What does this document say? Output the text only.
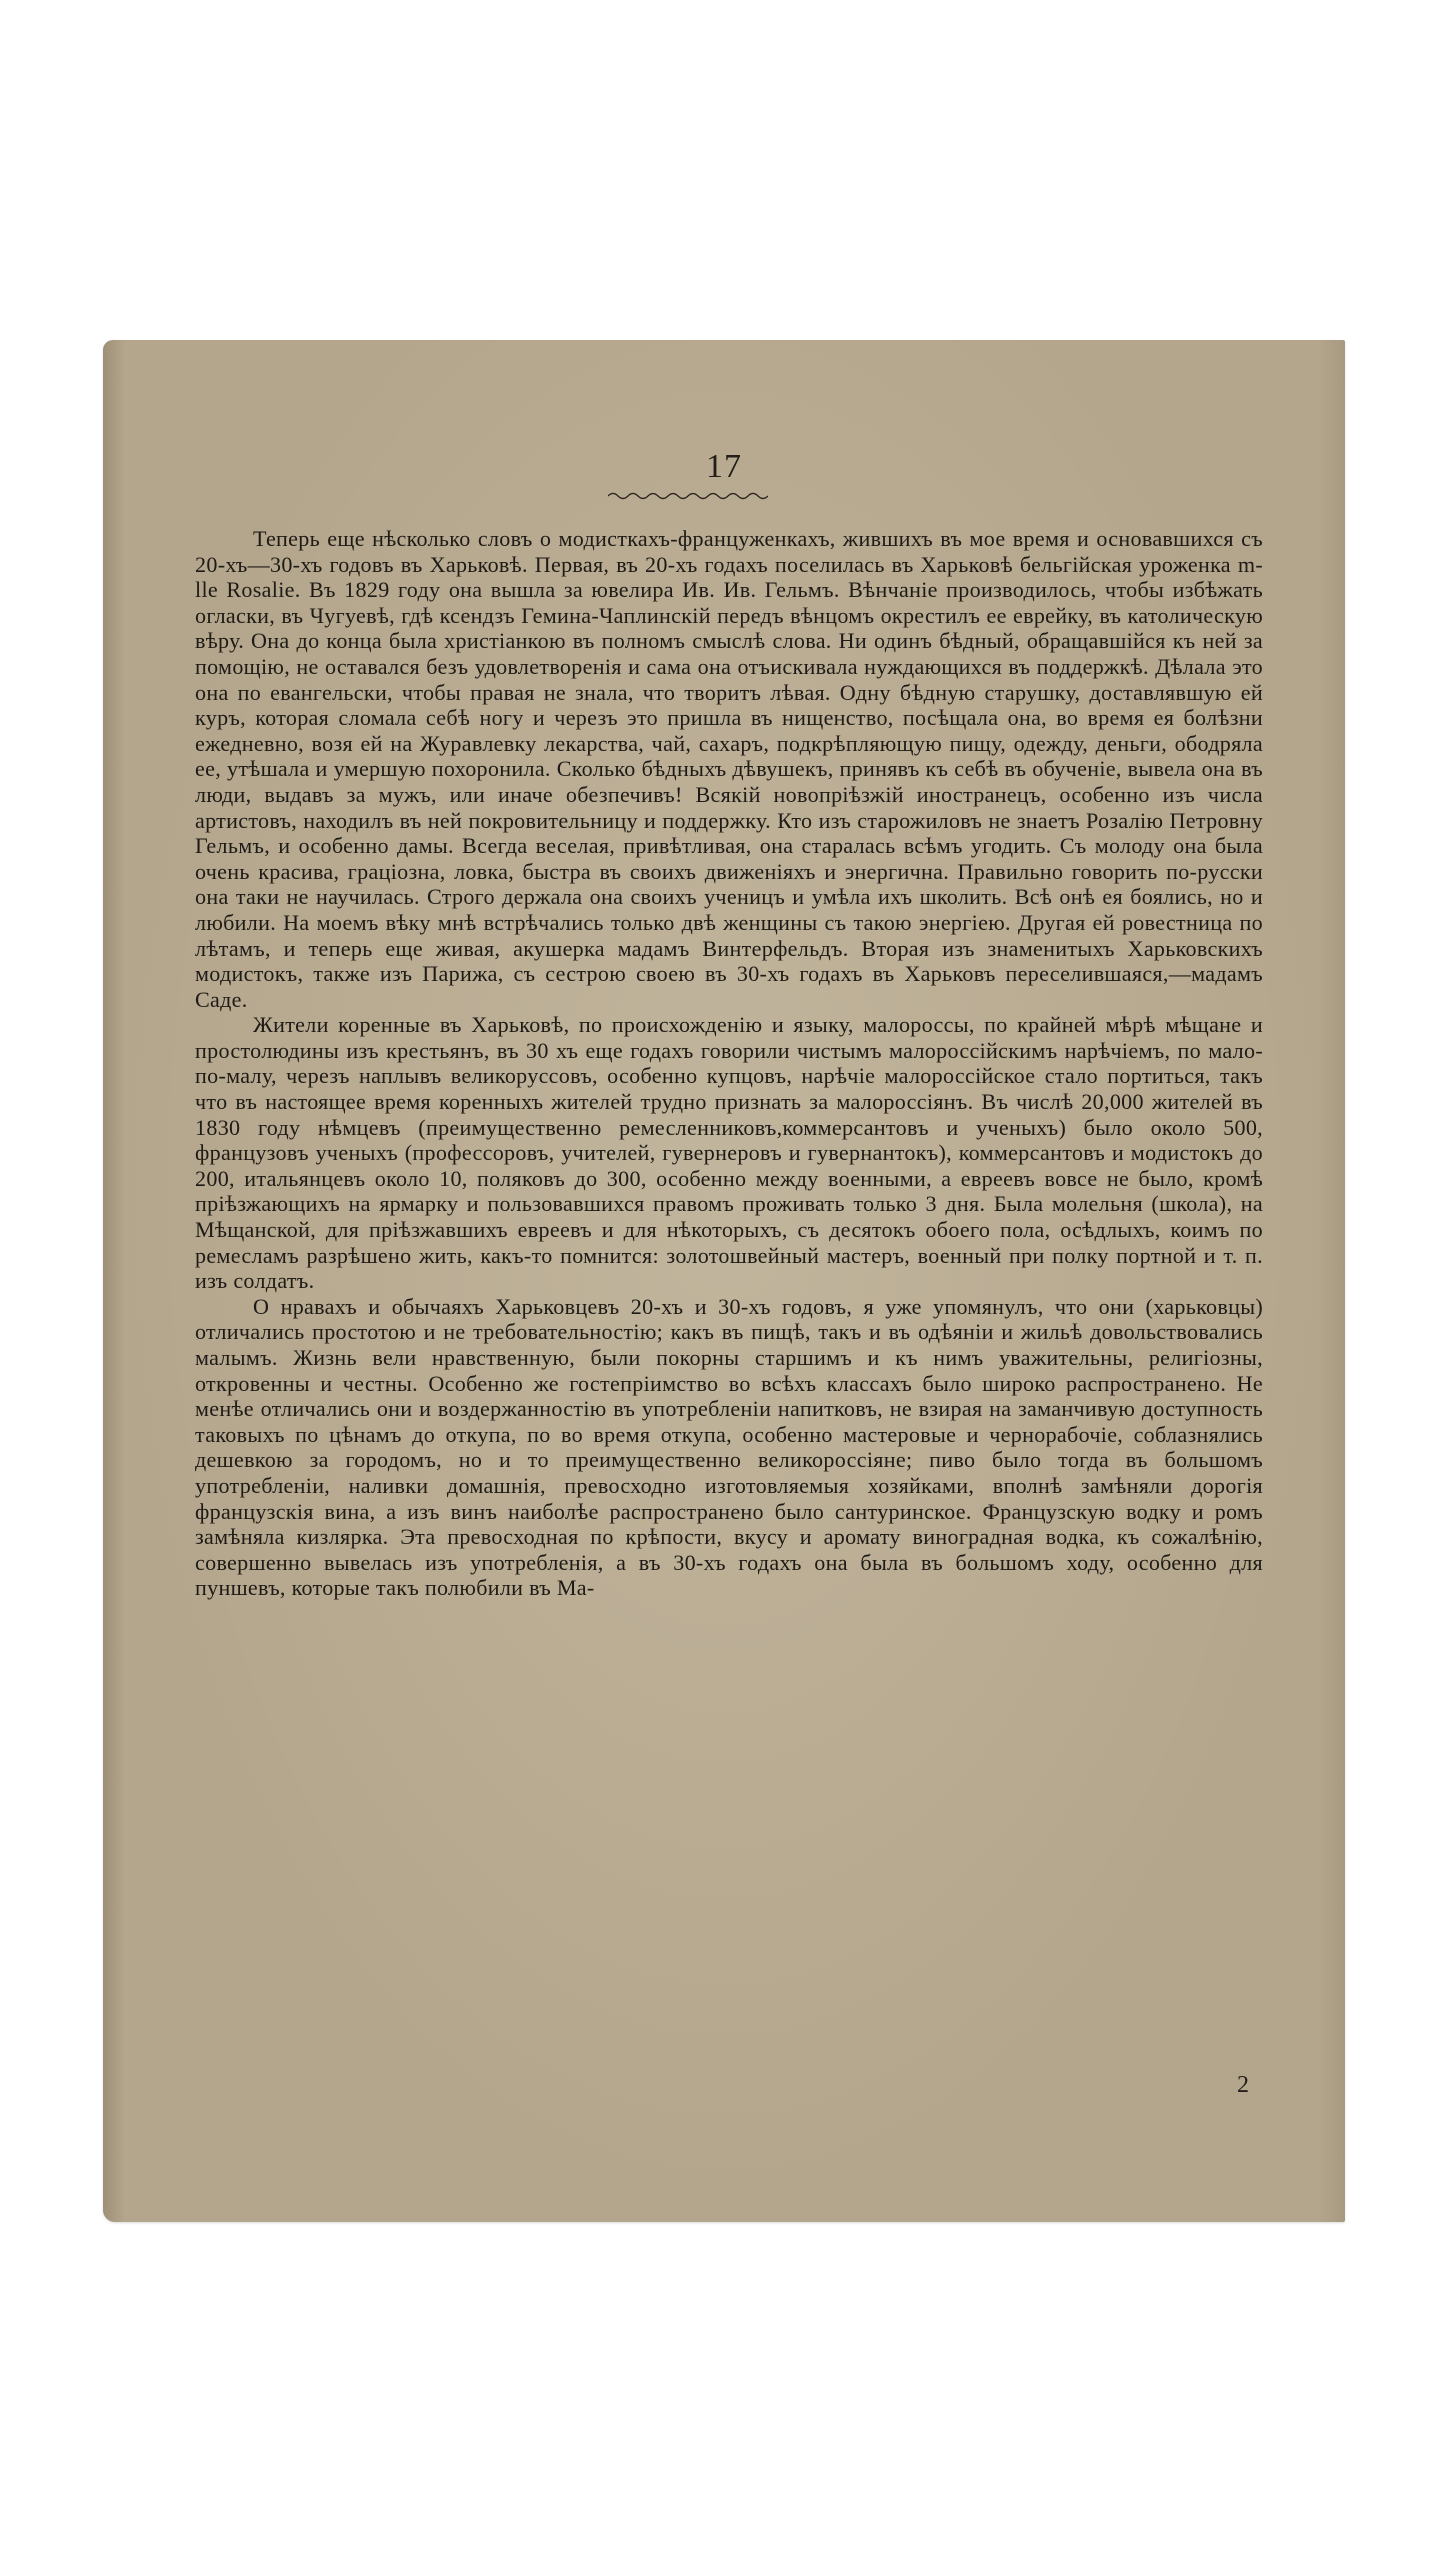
17

Теперь еще нѣсколько словъ о модисткахъ-француженкахъ, жившихъ въ мое время и основавшихся съ 20-хъ—30-хъ годовъ въ Харьковѣ. Первая, въ 20-хъ годахъ поселилась въ Харьковѣ бельгійская уроженка m-lle Rosalie. Въ 1829 году она вышла за ювелира Ив. Ив. Гельмъ. Вѣнчаніе производилось, чтобы избѣжать огласки, въ Чугуевѣ, гдѣ ксендзъ Гемина-Чаплинскій передъ вѣнцомъ окрестилъ ее еврейку, въ католическую вѣру. Она до конца была христіанкою въ полномъ смыслѣ слова. Ни одинъ бѣдный, обращавшійся къ ней за помощію, не оставался безъ удовлетворенія и сама она отъискивала нуждающихся въ поддержкѣ. Дѣлала это она по евангельски, чтобы правая не знала, что творитъ лѣвая. Одну бѣдную старушку, доставлявшую ей куръ, которая сломала себѣ ногу и черезъ это пришла въ нищенство, посѣщала она, во время ея болѣзни ежедневно, возя ей на Журавлевку лекарства, чай, сахаръ, подкрѣпляющую пищу, одежду, деньги, ободряла ее, утѣшала и умершую похоронила. Сколько бѣдныхъ дѣвушекъ, принявъ къ себѣ въ обученіе, вывела она въ люди, выдавъ за мужъ, или иначе обезпечивъ! Всякій новопріѣзжій иностранецъ, особенно изъ числа артистовъ, находилъ въ ней покровительницу и поддержку. Кто изъ старожиловъ не знаетъ Розалію Петровну Гельмъ, и особенно дамы. Всегда веселая, привѣтливая, она старалась всѣмъ угодить. Съ молоду она была очень красива, граціозна, ловка, быстра въ своихъ движеніяхъ и энергична. Правильно говорить по-русски она таки не научилась. Строго держала она своихъ ученицъ и умѣла ихъ школить. Всѣ онѣ ея боялись, но и любили. На моемъ вѣку мнѣ встрѣчались только двѣ женщины съ такою энергіею. Другая ей ровестница по лѣтамъ, и теперь еще живая, акушерка мадамъ Винтерфельдъ. Вторая изъ знаменитыхъ Харьковскихъ модистокъ, также изъ Парижа, съ сестрою своею въ 30-хъ годахъ въ Харьковъ переселившаяся,—мадамъ Саде.

Жители коренные въ Харьковѣ, по происхожденію и языку, малороссы, по крайней мѣрѣ мѣщане и простолюдины изъ крестьянъ, въ 30 хъ еще годахъ говорили чистымъ малороссійскимъ нарѣчіемъ, по мало-по-малу, черезъ наплывъ великоруссовъ, особенно купцовъ, нарѣчіе малороссійское стало портиться, такъ что въ настоящее время коренныхъ жителей трудно признать за малороссіянъ. Въ числѣ 20,000 жителей въ 1830 году нѣмцевъ (преимущественно ремесленниковъ,коммерсантовъ и ученыхъ) было около 500, французовъ ученыхъ (профессоровъ, учителей, гувернеровъ и гувернантокъ), коммерсантовъ и модистокъ до 200, итальянцевъ около 10, поляковъ до 300, особенно между военными, а евреевъ вовсе не было, кромѣ пріѣзжающихъ на ярмарку и пользовавшихся правомъ проживать только 3 дня. Была молельня (школа), на Мѣщанской, для пріѣзжавшихъ евреевъ и для нѣкоторыхъ, съ десятокъ обоего пола, осѣдлыхъ, коимъ по ремесламъ разрѣшено жить, какъ-то помнится: золотошвейный мастеръ, военный при полку портной и т. п. изъ солдатъ.

О нравахъ и обычаяхъ Харьковцевъ 20-хъ и 30-хъ годовъ, я уже упомянулъ, что они (харьковцы) отличались простотою и не требовательностію; какъ въ пищѣ, такъ и въ одѣяніи и жильѣ довольствовались малымъ. Жизнь вели нравственную, были покорны старшимъ и къ нимъ уважительны, религіозны, откровенны и честны. Особенно же гостепріимство во всѣхъ классахъ было широко распространено. Не менѣе отличались они и воздержанностію въ употребленіи напитковъ, не взирая на заманчивую доступность таковыхъ по цѣнамъ до откупа, по во время откупа, особенно мастеровые и чернорабочіе, соблазнялись дешевкою за городомъ, но и то преимущественно великороссіяне; пиво было тогда въ большомъ употребленіи, наливки домашнія, превосходно изготовляемыя хозяйками, вполнѣ замѣняли дорогія французскія вина, а изъ винъ наиболѣе распространено было сантуринское. Французскую водку и ромъ замѣняла кизлярка. Эта превосходная по крѣпости, вкусу и аромату виноградная водка, къ сожалѣнію, совершенно вывелась изъ употребленія, а въ 30-хъ годахъ она была въ большомъ ходу, особенно для пуншевъ, которые такъ полюбили въ Ма-

2
